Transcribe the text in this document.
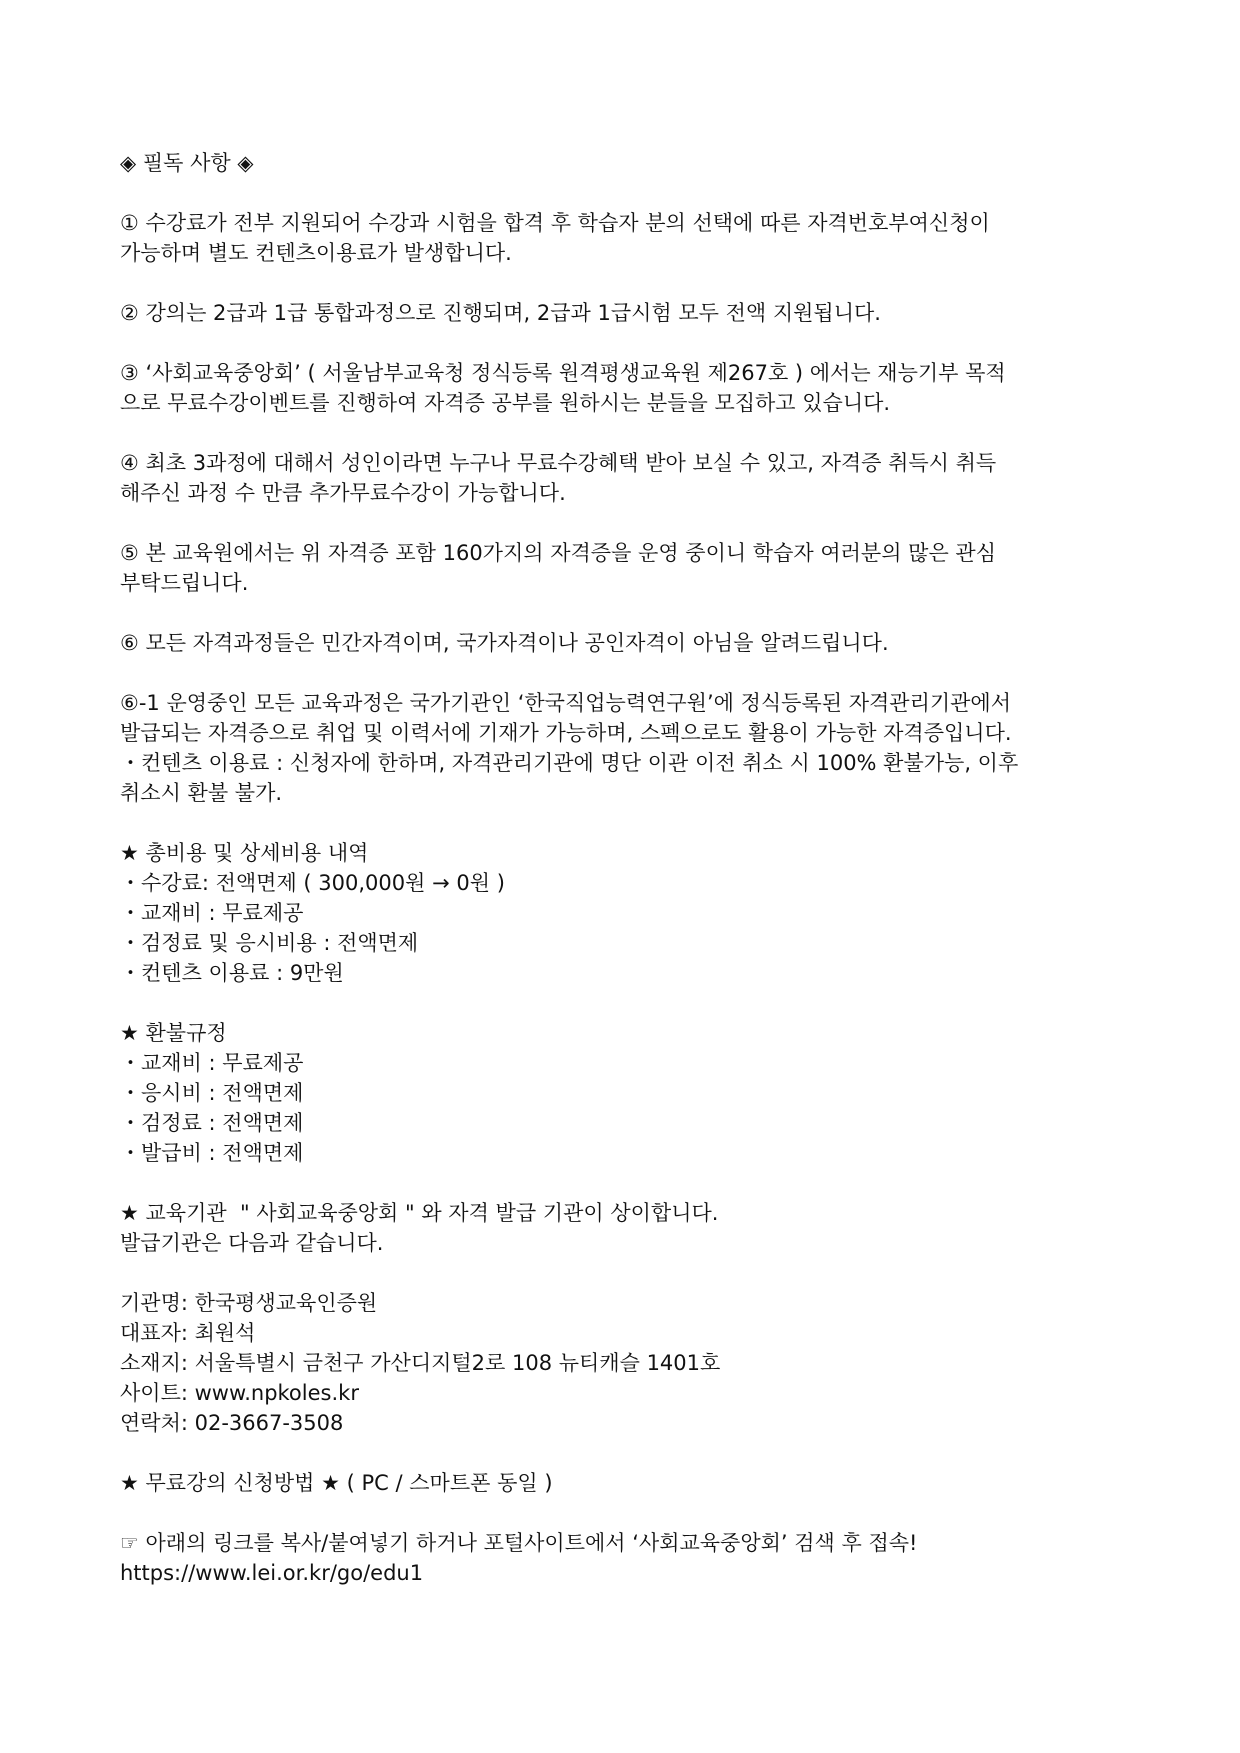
◈ 필독 사항 ◈
① 수강료가 전부 지원되어 수강과 시험을 합격 후 학습자 분의 선택에 따른 자격번호부여신청이
가능하며 별도 컨텐츠이용료가 발생합니다.
② 강의는 2급과 1급 통합과정으로 진행되며, 2급과 1급시험 모두 전액 지원됩니다.
③ ‘사회교육중앙회’ ( 서울남부교육청 정식등록 원격평생교육원 제267호 ) 에서는 재능기부 목적
으로 무료수강이벤트를 진행하여 자격증 공부를 원하시는 분들을 모집하고 있습니다.
④ 최초 3과정에 대해서 성인이라면 누구나 무료수강혜택 받아 보실 수 있고, 자격증 취득시 취득
해주신 과정 수 만큼 추가무료수강이 가능합니다.
⑤ 본 교육원에서는 위 자격증 포함 160가지의 자격증을 운영 중이니 학습자 여러분의 많은 관심
부탁드립니다.
⑥ 모든 자격과정들은 민간자격이며, 국가자격이나 공인자격이 아님을 알려드립니다.
⑥-1 운영중인 모든 교육과정은 국가기관인 ‘한국직업능력연구원’에 정식등록된 자격관리기관에서
발급되는 자격증으로 취업 및 이력서에 기재가 가능하며, 스펙으로도 활용이 가능한 자격증입니다.
・컨텐츠 이용료 : 신청자에 한하며, 자격관리기관에 명단 이관 이전 취소 시 100% 환불가능, 이후
취소시 환불 불가.
★ 총비용 및 상세비용 내역
・수강료: 전액면제 ( 300,000원 → 0원 )
・교재비 : 무료제공
・검정료 및 응시비용 : 전액면제
・컨텐츠 이용료 : 9만원
★ 환불규정
・교재비 : 무료제공
・응시비 : 전액면제
・검정료 : 전액면제
・발급비 : 전액면제
★ 교육기관  " 사회교육중앙회 " 와 자격 발급 기관이 상이합니다.
발급기관은 다음과 같습니다.
기관명: 한국평생교육인증원
대표자: 최원석
소재지: 서울특별시 금천구 가산디지털2로 108 뉴티캐슬 1401호
사이트: www.npkoles.kr
연락처: 02-3667-3508
★ 무료강의 신청방법 ★ ( PC / 스마트폰 동일 )
☞ 아래의 링크를 복사/붙여넣기 하거나 포털사이트에서 ‘사회교육중앙회’ 검색 후 접속!
https://www.lei.or.kr/go/edu1
